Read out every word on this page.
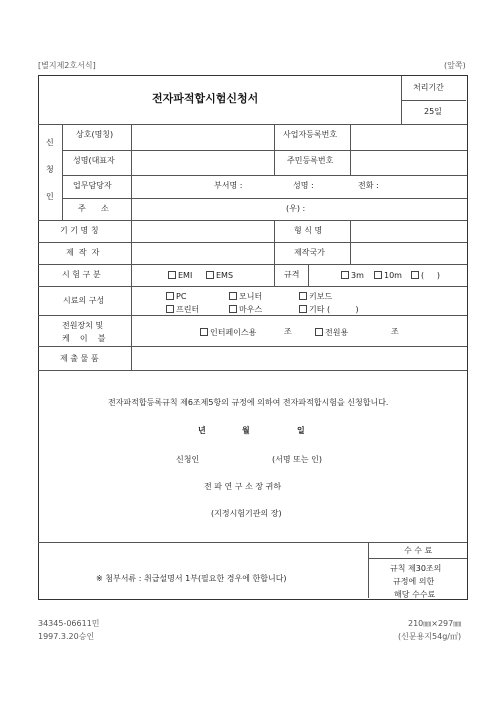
[별지제2호서식]	(앞쪽)
전자파적합시험신청서
처리기간
25일
신
청
인
상호(명칭)	사업자등록번호
성명(대표자	주민등록번호
업무담당자	부서명 :	성명 :	전화 :
주      소	(우) :
기 기 명 칭	형 식 명
제  작  자	제작국가
시 험 구 분	EMI	EMS	규격	3m	10m	(     )
시료의 구성	PC	모니터	키보드
프린터	마우스	기타 (          )
전원장치 및
케    이    블
인터페이스용	조	전원용	조
제 출 물 품
전자파적합등록규칙 제6조제5항의 규정에 의하여 전자파적합시험을 신청합니다.
년	월	일
신청인	(서명 또는 인)
전 파 연 구 소 장 귀하
(지정시험기관의 장)
※ 첨부서류 : 취급설명서 1부(필요한 경우에 한합니다)
수 수 료
규칙 제30조의
규정에 의한
해당 수수료
34345-06611민
1997.3.20승인
210㎜×297㎜
(신문용지54g/㎡)
